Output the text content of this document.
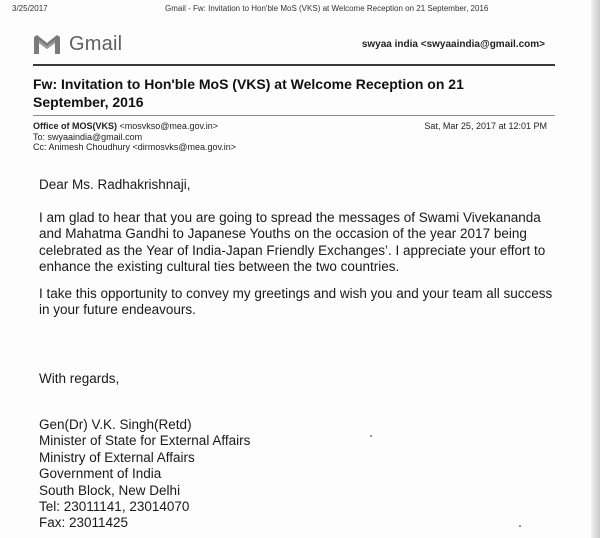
3/25/2017	Gmail - Fw: Invitation to Hon'ble MoS (VKS) at Welcome Reception on 21 September, 2016
Gmail	swyaa india <swyaaindia@gmail.com>
Fw: Invitation to Hon'ble MoS (VKS) at Welcome Reception on 21 September, 2016
Office of MOS(VKS) <mosvkso@mea.gov.in>	Sat, Mar 25, 2017 at 12:01 PM
To: swyaaindia@gmail.com
Cc: Animesh Choudhury <dirmosvks@mea.gov.in>
Dear Ms. Radhakrishnaji,

I am glad to hear that you are going to spread the messages of Swami Vivekananda and Mahatma Gandhi to Japanese Youths on the occasion of the year 2017 being celebrated as the Year of India-Japan Friendly Exchanges’. I appreciate your effort to enhance the existing cultural ties between the two countries.

I take this opportunity to convey my greetings and wish you and your team all success in your future endeavours.

With regards,
Gen(Dr) V.K. Singh(Retd)
Minister of State for External Affairs
Ministry of External Affairs
Government of India
South Block, New Delhi
Tel: 23011141, 23014070
Fax: 23011425
